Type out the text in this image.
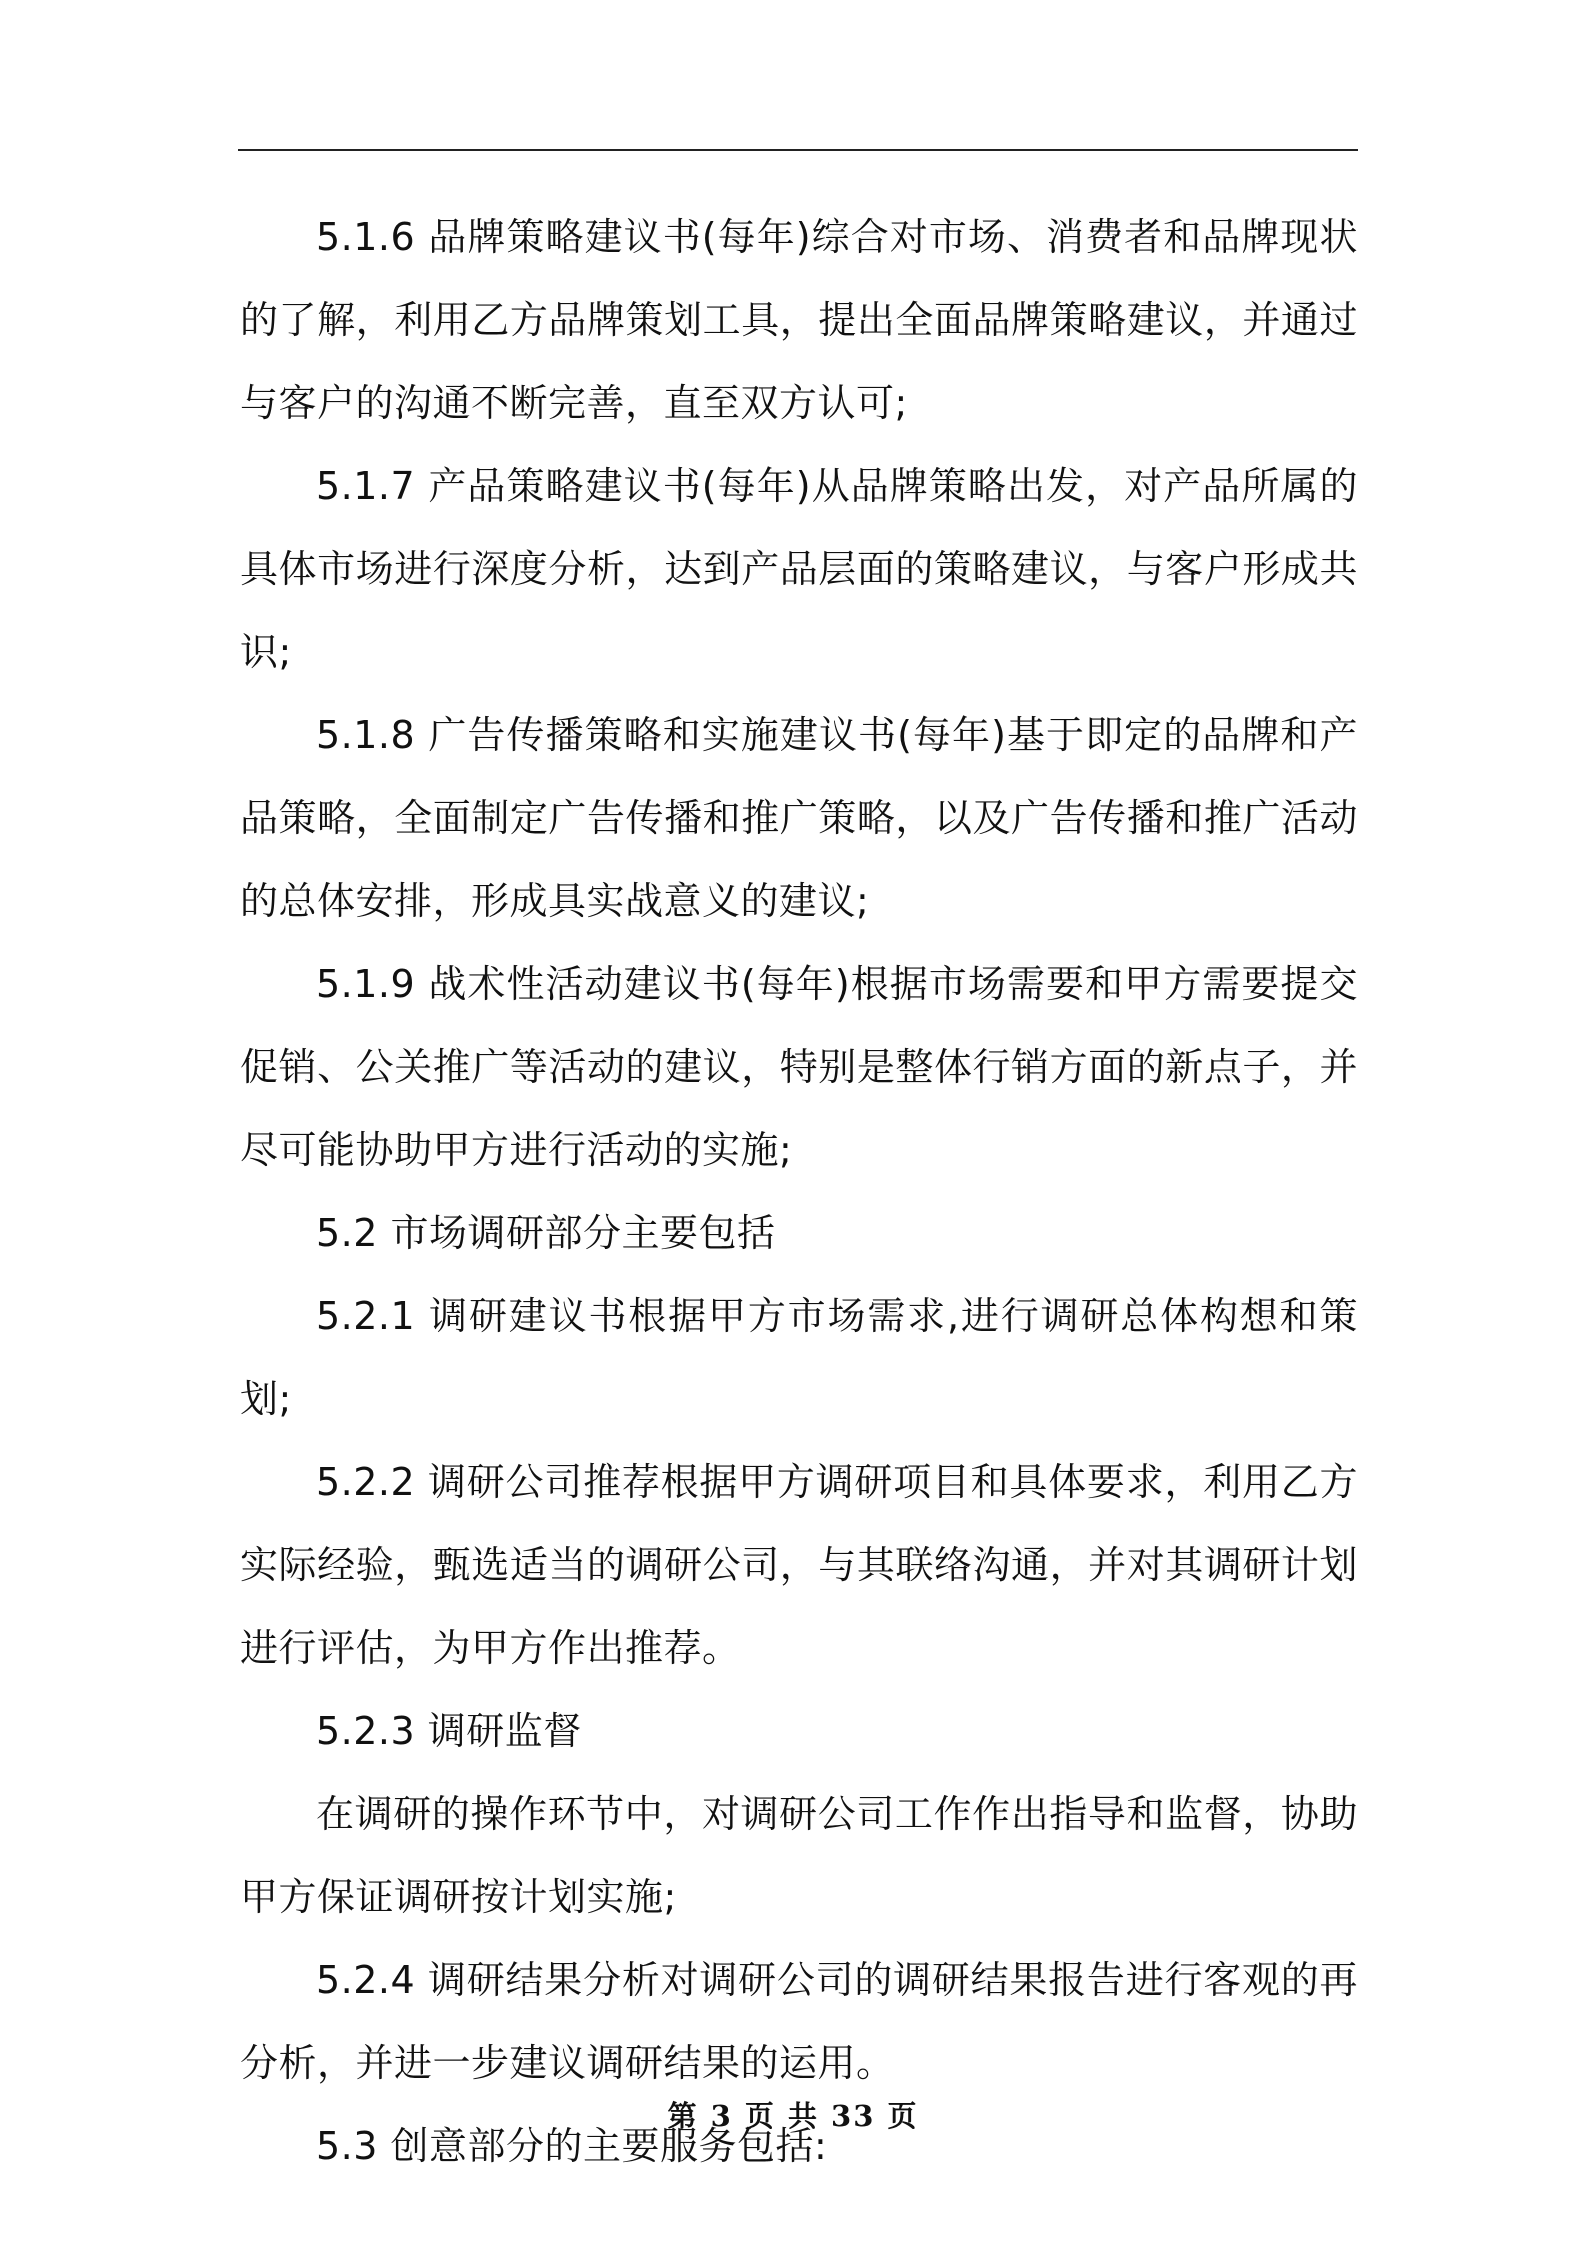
5.1.6 品牌策略建议书(每年)综合对市场、消费者和品牌现状的了解，利用乙方品牌策划工具，提出全面品牌策略建议，并通过与客户的沟通不断完善，直至双方认可;

5.1.7 产品策略建议书(每年)从品牌策略出发，对产品所属的具体市场进行深度分析，达到产品层面的策略建议，与客户形成共识;

5.1.8 广告传播策略和实施建议书(每年)基于即定的品牌和产品策略，全面制定广告传播和推广策略，以及广告传播和推广活动的总体安排，形成具实战意义的建议;

5.1.9 战术性活动建议书(每年)根据市场需要和甲方需要提交促销、公关推广等活动的建议，特别是整体行销方面的新点子，并尽可能协助甲方进行活动的实施;

5.2 市场调研部分主要包括

5.2.1 调研建议书根据甲方市场需求,进行调研总体构想和策划;

5.2.2 调研公司推荐根据甲方调研项目和具体要求，利用乙方实际经验，甄选适当的调研公司，与其联络沟通，并对其调研计划进行评估，为甲方作出推荐。

5.2.3 调研监督

在调研的操作环节中，对调研公司工作作出指导和监督，协助甲方保证调研按计划实施;

5.2.4 调研结果分析对调研公司的调研结果报告进行客观的再分析，并进一步建议调研结果的运用。

5.3 创意部分的主要服务包括:

第 3 页 共 33 页
